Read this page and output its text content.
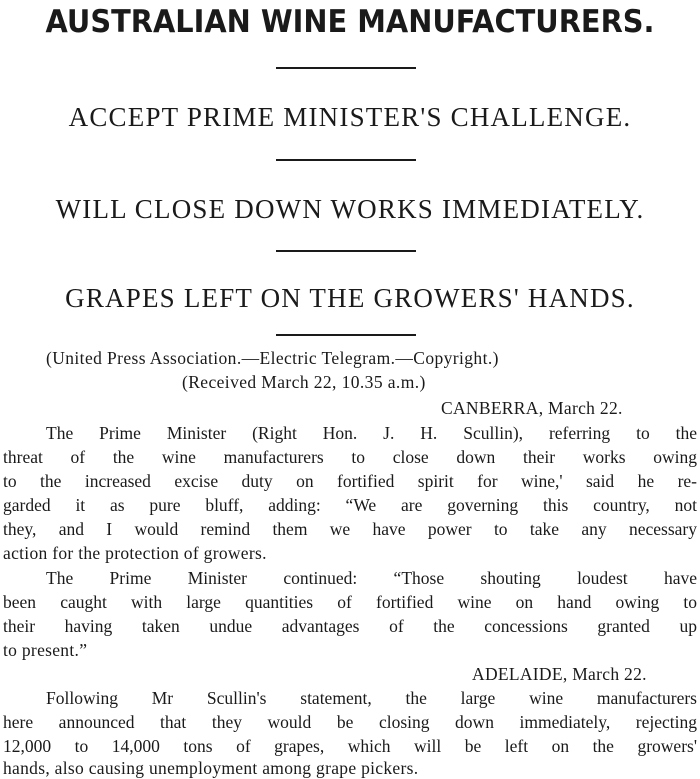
AUSTRALIAN WINE MANUFACTURERS.
ACCEPT PRIME MINISTER'S CHALLENGE.
WILL CLOSE DOWN WORKS IMMEDIATELY.
GRAPES LEFT ON THE GROWERS' HANDS.
(United Press Association.—Electric Telegram.—Copyright.)
(Received March 22, 10.35 a.m.)
CANBERRA, March 22.
The Prime Minister (Right Hon. J. H. Scullin), referring to the
threat of the wine manufacturers to close down their works owing
to the increased excise duty on fortified spirit for wine,' said he re-
garded it as pure bluff, adding: “We are governing this country, not
they, and I would remind them we have power to take any necessary
action for the protection of growers.
The Prime Minister continued: “Those shouting loudest have
been caught with large quantities of fortified wine on hand owing to
their having taken undue advantages of the concessions granted up
to present.”
ADELAIDE, March 22.
Following Mr Scullin's statement, the large wine manufacturers
here announced that they would be closing down immediately, rejecting
12,000 to 14,000 tons of grapes, which will be left on the growers'
hands, also causing unemployment among grape pickers.
